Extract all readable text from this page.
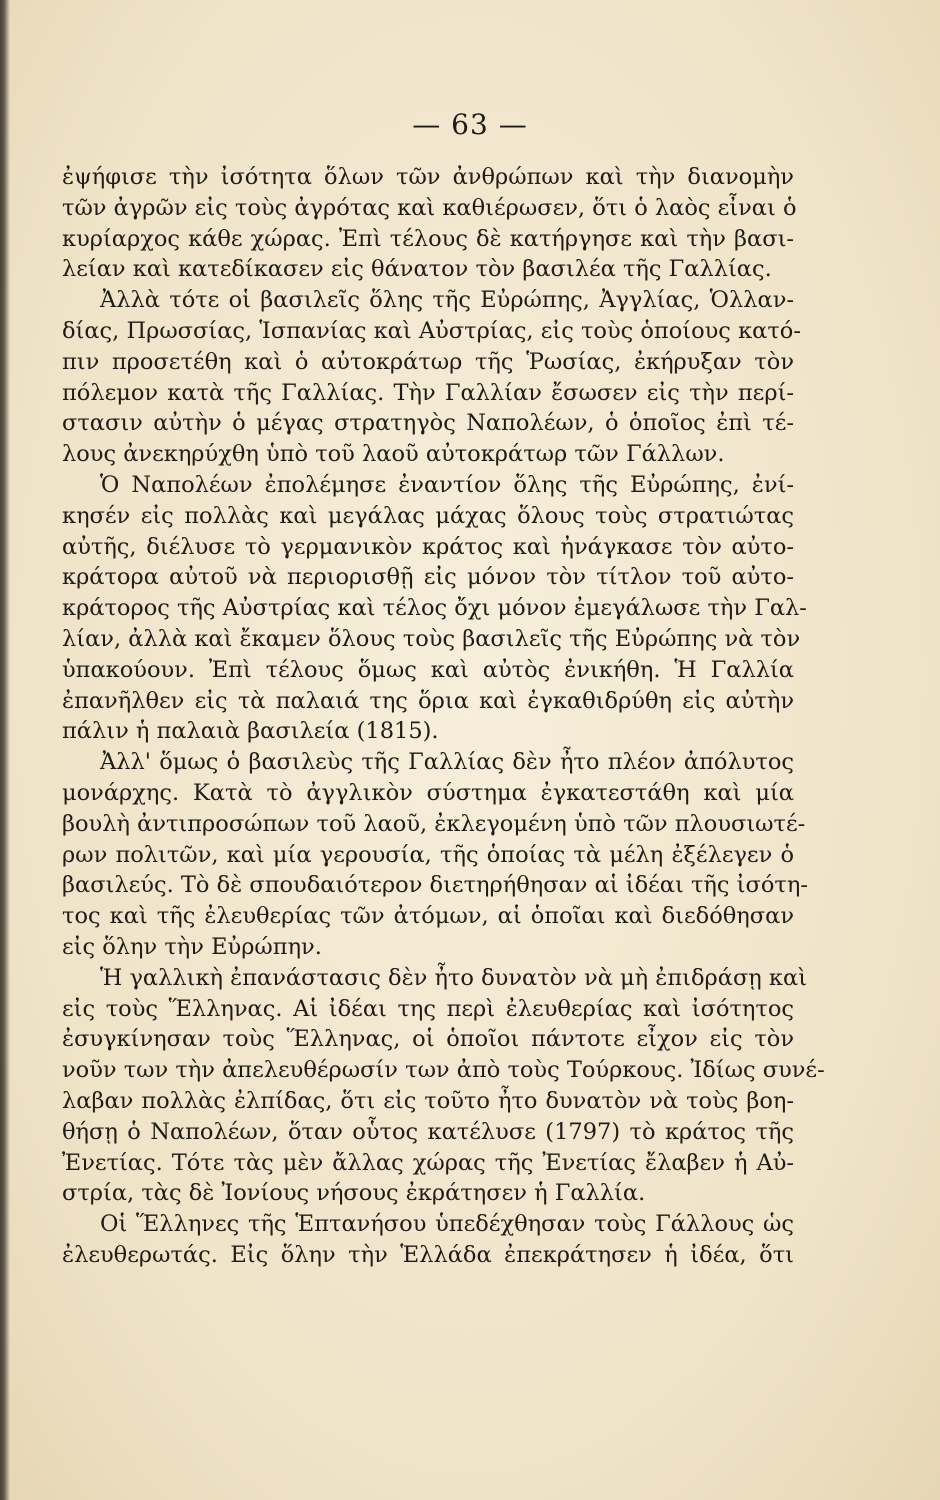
— 63 —
ἐψήφισε τὴν ἰσότητα ὅλων τῶν ἀνθρώπων καὶ τὴν διανομὴν
τῶν ἀγρῶν εἰς τοὺς ἀγρότας καὶ καθιέρωσεν, ὅτι ὁ λαὸς εἶναι ὁ
κυρίαρχος κάθε χώρας. Ἐπὶ τέλους δὲ κατήργησε καὶ τὴν βασι-
λείαν καὶ κατεδίκασεν εἰς θάνατον τὸν βασιλέα τῆς Γαλλίας.
Ἀλλὰ τότε οἱ βασιλεῖς ὅλης τῆς Εὐρώπης, Ἀγγλίας, Ὁλλαν-
δίας, Πρωσσίας, Ἱσπανίας καὶ Αὐστρίας, εἰς τοὺς ὁποίους κατό-
πιν προσετέθη καὶ ὁ αὐτοκράτωρ τῆς Ῥωσίας, ἐκήρυξαν τὸν
πόλεμον κατὰ τῆς Γαλλίας. Τὴν Γαλλίαν ἔσωσεν εἰς τὴν περί-
στασιν αὐτὴν ὁ μέγας στρατηγὸς Ναπολέων, ὁ ὁποῖος ἐπὶ τέ-
λους ἀνεκηρύχθη ὑπὸ τοῦ λαοῦ αὐτοκράτωρ τῶν Γάλλων.
Ὁ Ναπολέων ἐπολέμησε ἐναντίον ὅλης τῆς Εὐρώπης, ἐνί-
κησέν εἰς πολλὰς καὶ μεγάλας μάχας ὅλους τοὺς στρατιώτας
αὐτῆς, διέλυσε τὸ γερμανικὸν κράτος καὶ ἠνάγκασε τὸν αὐτο-
κράτορα αὐτοῦ νὰ περιορισθῇ εἰς μόνον τὸν τίτλον τοῦ αὐτο-
κράτορος τῆς Αὐστρίας καὶ τέλος ὄχι μόνον ἐμεγάλωσε τὴν Γαλ-
λίαν, ἀλλὰ καὶ ἔκαμεν ὅλους τοὺς βασιλεῖς τῆς Εὐρώπης νὰ τὸν
ὑπακούουν. Ἐπὶ τέλους ὅμως καὶ αὐτὸς ἐνικήθη. Ἡ Γαλλία
ἐπανῆλθεν εἰς τὰ παλαιά της ὅρια καὶ ἐγκαθιδρύθη εἰς αὐτὴν
πάλιν ἡ παλαιὰ βασιλεία (1815).
Ἀλλ' ὅμως ὁ βασιλεὺς τῆς Γαλλίας δὲν ἦτο πλέον ἀπόλυτος
μονάρχης. Κατὰ τὸ ἀγγλικὸν σύστημα ἐγκατεστάθη καὶ μία
βουλὴ ἀντιπροσώπων τοῦ λαοῦ, ἐκλεγομένη ὑπὸ τῶν πλουσιωτέ-
ρων πολιτῶν, καὶ μία γερουσία, τῆς ὁποίας τὰ μέλη ἐξέλεγεν ὁ
βασιλεύς. Τὸ δὲ σπουδαιότερον διετηρήθησαν αἱ ἰδέαι τῆς ἰσότη-
τος καὶ τῆς ἐλευθερίας τῶν ἀτόμων, αἱ ὁποῖαι καὶ διεδόθησαν
εἰς ὅλην τὴν Εὐρώπην.
Ἡ γαλλικὴ ἐπανάστασις δὲν ἦτο δυνατὸν νὰ μὴ ἐπιδράσῃ καὶ
εἰς τοὺς Ἕλληνας. Αἱ ἰδέαι της περὶ ἐλευθερίας καὶ ἰσότητος
ἐσυγκίνησαν τοὺς Ἕλληνας, οἱ ὁποῖοι πάντοτε εἶχον εἰς τὸν
νοῦν των τὴν ἀπελευθέρωσίν των ἀπὸ τοὺς Τούρκους. Ἰδίως συνέ-
λαβαν πολλὰς ἐλπίδας, ὅτι εἰς τοῦτο ἦτο δυνατὸν νὰ τοὺς βοη-
θήσῃ ὁ Ναπολέων, ὅταν οὗτος κατέλυσε (1797) τὸ κράτος τῆς
Ἐνετίας. Τότε τὰς μὲν ἄλλας χώρας τῆς Ἐνετίας ἔλαβεν ἡ Αὐ-
στρία, τὰς δὲ Ἰονίους νήσους ἐκράτησεν ἡ Γαλλία.
Οἱ Ἕλληνες τῆς Ἑπτανήσου ὑπεδέχθησαν τοὺς Γάλλους ὡς
ἐλευθερωτάς. Εἰς ὅλην τὴν Ἑλλάδα ἐπεκράτησεν ἡ ἰδέα, ὅτι
